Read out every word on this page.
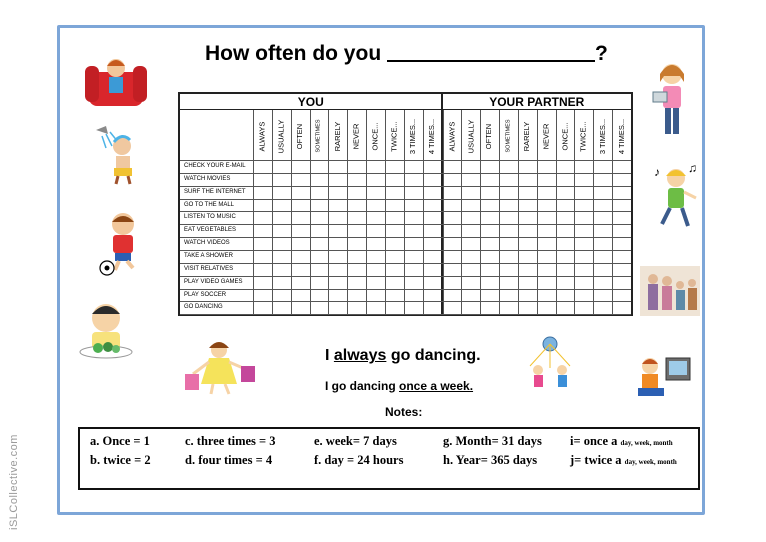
iSLCollective.com
How often do you	?
YOU	YOUR PARTNER
ALWAYS USUALLY OFTEN SOMETIMES RARELY NEVER ONCE... TWICE... 3 TIMES... 4 TIMES... ALWAYS USUALLY OFTEN SOMETIMES RARELY NEVER ONCE... TWICE... 3 TIMES... 4 TIMES...
CHECK YOUR E-MAIL
WATCH MOVIES
SURF THE INTERNET
GO TO THE MALL
LISTEN TO MUSIC
EAT VEGETABLES
WATCH VIDEOS
TAKE A SHOWER
VISIT RELATIVES
PLAY VIDEO GAMES
PLAY SOCCER
GO DANCING
I always go dancing.
I go dancing once a week.
Notes:
a. Once = 1
b. twice = 2
c. three times = 3
d. four times = 4
e. week= 7 days
f. day = 24 hours
g. Month= 31 days
h. Year= 365 days
i= once a day, week, month
j= twice a day, week, month
♪ ♫
